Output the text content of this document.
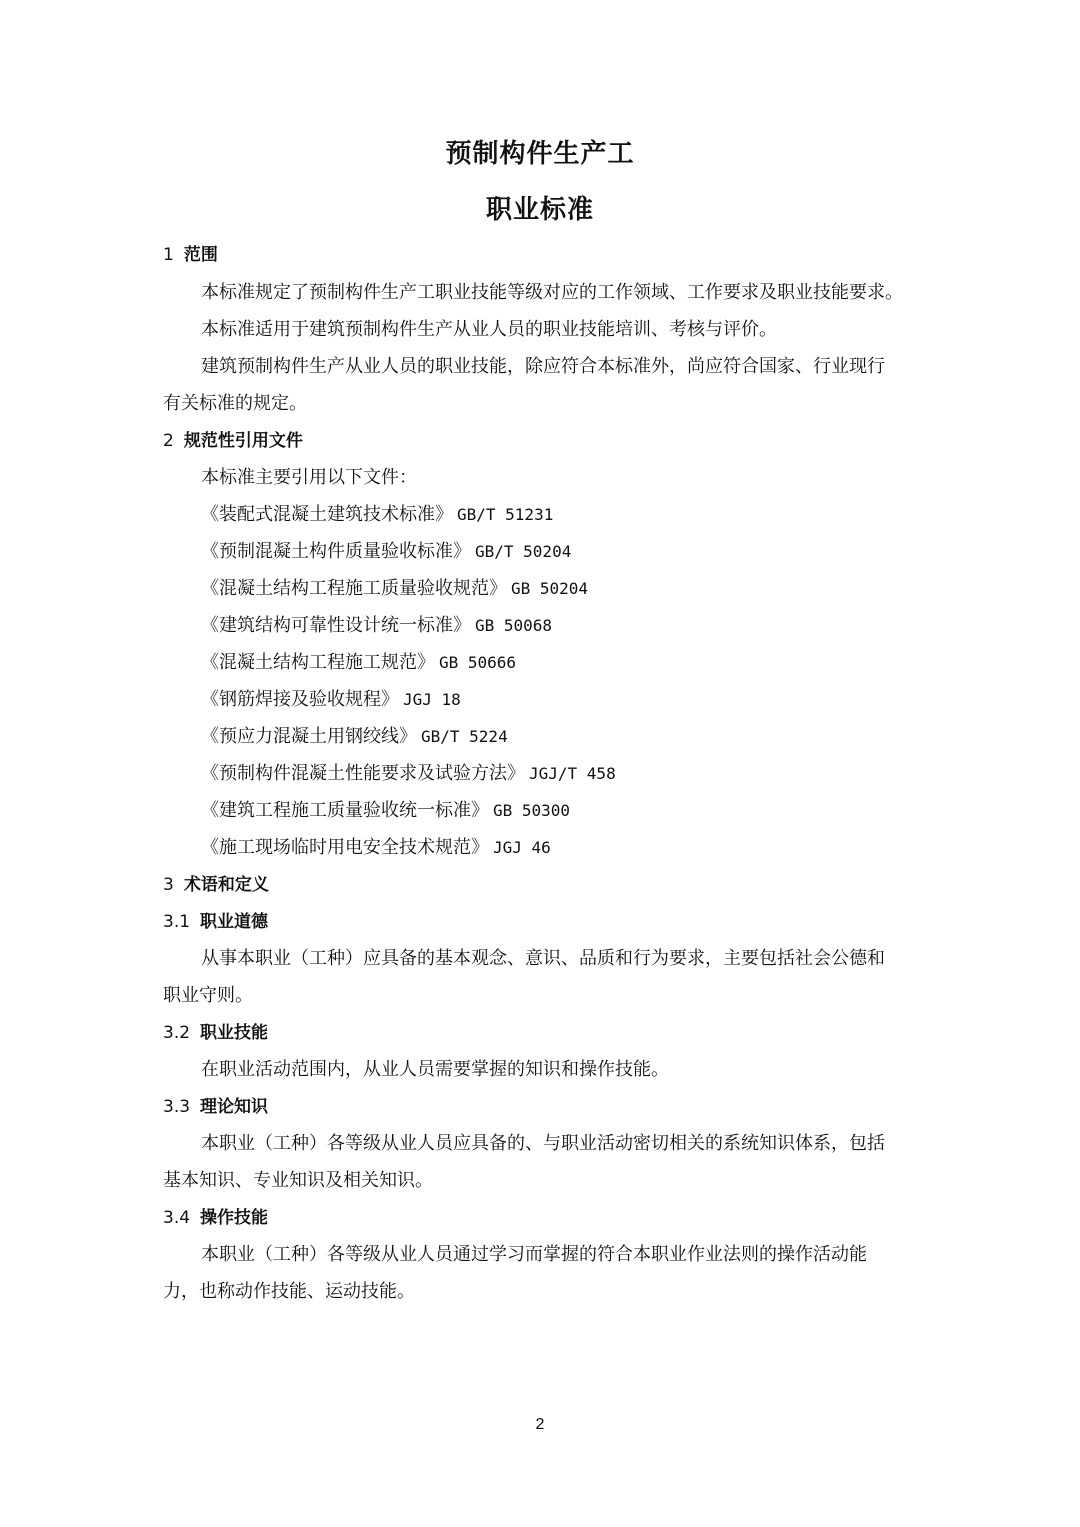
预制构件生产工
职业标准
1 范围
本标准规定了预制构件生产工职业技能等级对应的工作领域、工作要求及职业技能要求。
本标准适用于建筑预制构件生产从业人员的职业技能培训、考核与评价。
建筑预制构件生产从业人员的职业技能，除应符合本标准外，尚应符合国家、行业现行
有关标准的规定。
2 规范性引用文件
本标准主要引用以下文件：
《装配式混凝土建筑技术标准》 GB/T 51231
《预制混凝土构件质量验收标准》 GB/T 50204
《混凝土结构工程施工质量验收规范》 GB 50204
《建筑结构可靠性设计统一标准》 GB 50068
《混凝土结构工程施工规范》 GB 50666
《钢筋焊接及验收规程》 JGJ 18
《预应力混凝土用钢绞线》 GB/T 5224
《预制构件混凝土性能要求及试验方法》 JGJ/T 458
《建筑工程施工质量验收统一标准》 GB 50300
《施工现场临时用电安全技术规范》 JGJ 46
3 术语和定义
3.1 职业道德
从事本职业（工种）应具备的基本观念、意识、品质和行为要求，主要包括社会公德和
职业守则。
3.2 职业技能
在职业活动范围内，从业人员需要掌握的知识和操作技能。
3.3 理论知识
本职业（工种）各等级从业人员应具备的、与职业活动密切相关的系统知识体系，包括
基本知识、专业知识及相关知识。
3.4 操作技能
本职业（工种）各等级从业人员通过学习而掌握的符合本职业作业法则的操作活动能
力，也称动作技能、运动技能。
2
